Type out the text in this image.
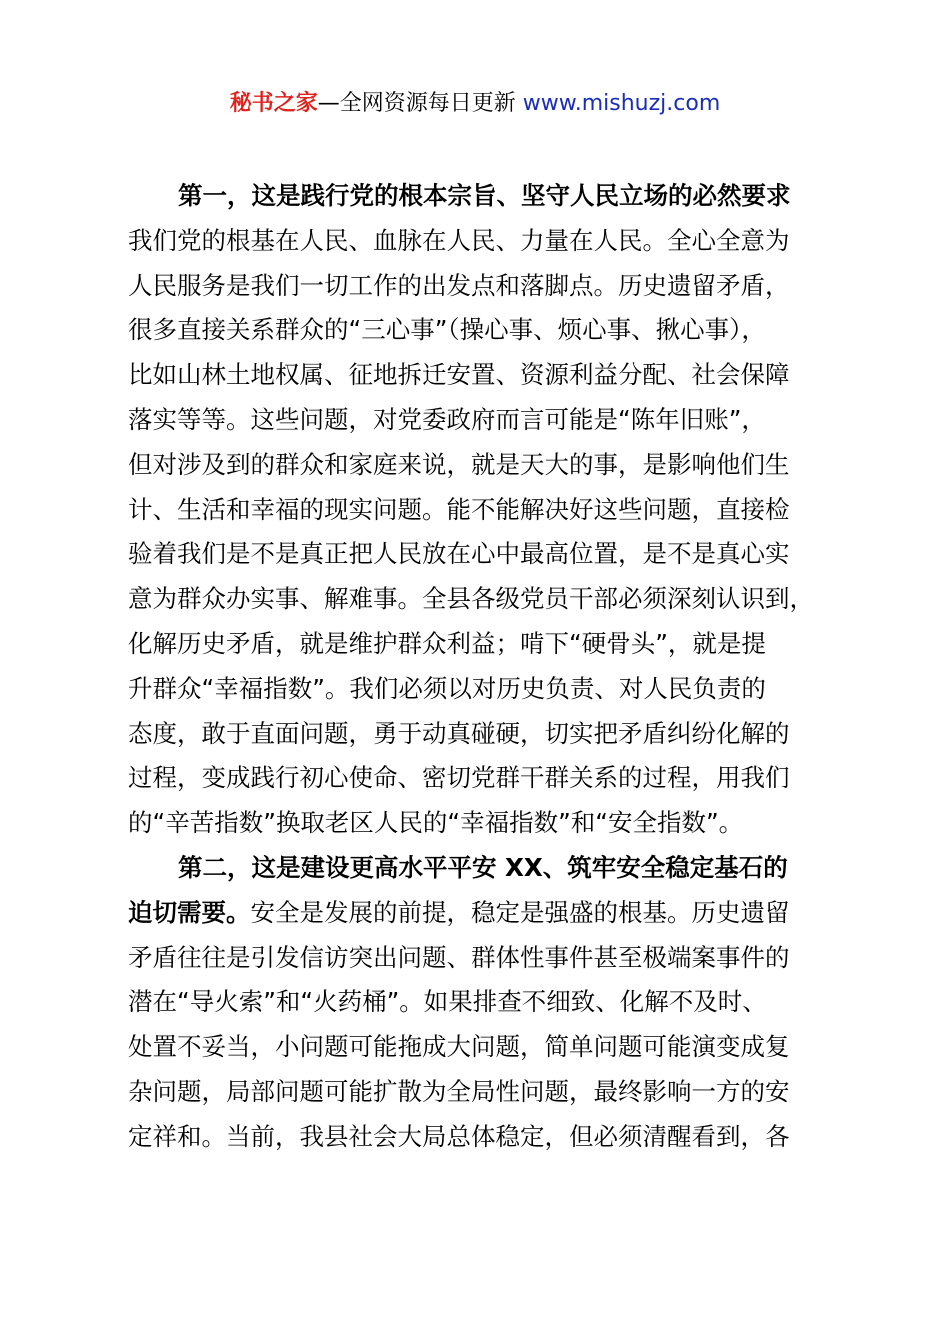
秘书之家—全网资源每日更新 www.mishuzj.com
第一，这是践行党的根本宗旨、坚守人民立场的必然要求
我们党的根基在人民、血脉在人民、力量在人民。全心全意为
人民服务是我们一切工作的出发点和落脚点。历史遗留矛盾，
很多直接关系群众的“三心事”（操心事、烦心事、揪心事），
比如山林土地权属、征地拆迁安置、资源利益分配、社会保障
落实等等。这些问题，对党委政府而言可能是“陈年旧账”，
但对涉及到的群众和家庭来说，就是天大的事，是影响他们生
计、生活和幸福的现实问题。能不能解决好这些问题，直接检
验着我们是不是真正把人民放在心中最高位置，是不是真心实
意为群众办实事、解难事。全县各级党员干部必须深刻认识到，
化解历史矛盾，就是维护群众利益；啃下“硬骨头”，就是提
升群众“幸福指数”。我们必须以对历史负责、对人民负责的
态度，敢于直面问题，勇于动真碰硬，切实把矛盾纠纷化解的
过程，变成践行初心使命、密切党群干群关系的过程，用我们
的“辛苦指数”换取老区人民的“幸福指数”和“安全指数”。
第二，这是建设更高水平平安 XX、筑牢安全稳定基石的
迫切需要。安全是发展的前提，稳定是强盛的根基。历史遗留
矛盾往往是引发信访突出问题、群体性事件甚至极端案事件的
潜在“导火索”和“火药桶”。如果排查不细致、化解不及时、
处置不妥当，小问题可能拖成大问题，简单问题可能演变成复
杂问题，局部问题可能扩散为全局性问题，最终影响一方的安
定祥和。当前，我县社会大局总体稳定，但必须清醒看到，各
